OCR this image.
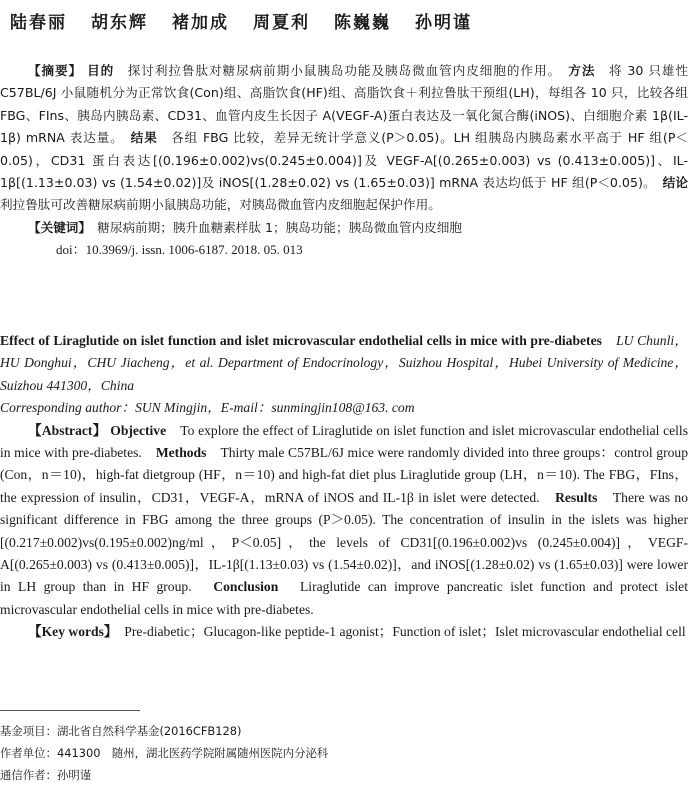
陆春丽 胡东辉 褚加成 周夏利 陈巍巍 孙明谨

【摘要】 目的　 探讨利拉鲁肽对糖尿病前期小鼠胰岛功能及胰岛微血管内皮细胞的作用。　 方法　 将 30 只雄性 C57BL/6J 小鼠随机分为正常饮食(Con)组、高脂饮食(HF)组、高脂饮食＋利拉鲁肽干预组(LH)，每组各 10 只，比较各组 FBG、FIns、胰岛内胰岛素、CD31、血管内皮生长因子 A(VEGF-A)蛋白表达及一氧化氮合酶(iNOS)、白细胞介素 1β(IL-1β) mRNA 表达量。　 结果　 各组 FBG 比较，差异无统计学意义(P＞0.05)。LH 组胰岛内胰岛素水平高于 HF 组(P＜0.05)，CD31 蛋白表达[(0.196±0.002)vs(0.245±0.004)]及 VEGF-A[(0.265±0.003) vs (0.413±0.005)]、IL-1β[(1.13±0.03) vs (1.54±0.02)]及 iNOS[(1.28±0.02) vs (1.65±0.03)] mRNA 表达均低于 HF 组(P＜0.05)。　 结论　利拉鲁肽可改善糖尿病前期小鼠胰岛功能，对胰岛微血管内皮细胞起保护作用。

【关键词】　 糖尿病前期；胰升血糖素样肽 1；胰岛功能；胰岛微血管内皮细胞

doi：10.3969/j. issn. 1006-6187. 2018. 05. 013

Effect of Liraglutide on islet function and islet microvascular endothelial cells in mice with pre-diabetes　 LU Chunli，HU Donghui，CHU Jiacheng，et al. Department of Endocrinology，Suizhou Hospital，Hubei University of Medicine，Suizhou 441300，China
Corresponding author：SUN Mingjin，E-mail：sunmingjin108@163. com

【Abstract】 Objective　 To explore the effect of Liraglutide on islet function and islet microvascular endothelial cells in mice with pre-diabetes.　 Methods　 Thirty male C57BL/6J mice were randomly divided into three groups：control group (Con，n＝10)，high-fat dietgroup (HF，n＝10) and high-fat diet plus Liraglutide group (LH，n＝10). The FBG，FIns，the expression of insulin，CD31，VEGF-A，mRNA of iNOS and IL-1β in islet were detected.　 Results　 There was no significant difference in FBG among the three groups (P＞0.05). The concentration of insulin in the islets was higher [(0.217±0.002)vs(0.195±0.002)ng/ml，P＜0.05]，the levels of CD31[(0.196±0.002)vs (0.245±0.004)]，VEGF-A[(0.265±0.003) vs (0.413±0.005)]，IL-1β[(1.13±0.03) vs (1.54±0.02)]，and iNOS[(1.28±0.02) vs (1.65±0.03)] were lower in LH group than in HF group.　 Conclusion　 Liraglutide can improve pancreatic islet function and protect islet microvascular endothelial cells in mice with pre-diabetes.

【Key words】　 Pre-diabetic；Glucagon-like peptide-1 agonist；Function of islet；Islet microvascular endothelial cell

基金项目：湖北省自然科学基金(2016CFB128)
作者单位：441300　随州，湖北医药学院附属随州医院内分泌科
通信作者：孙明谨
